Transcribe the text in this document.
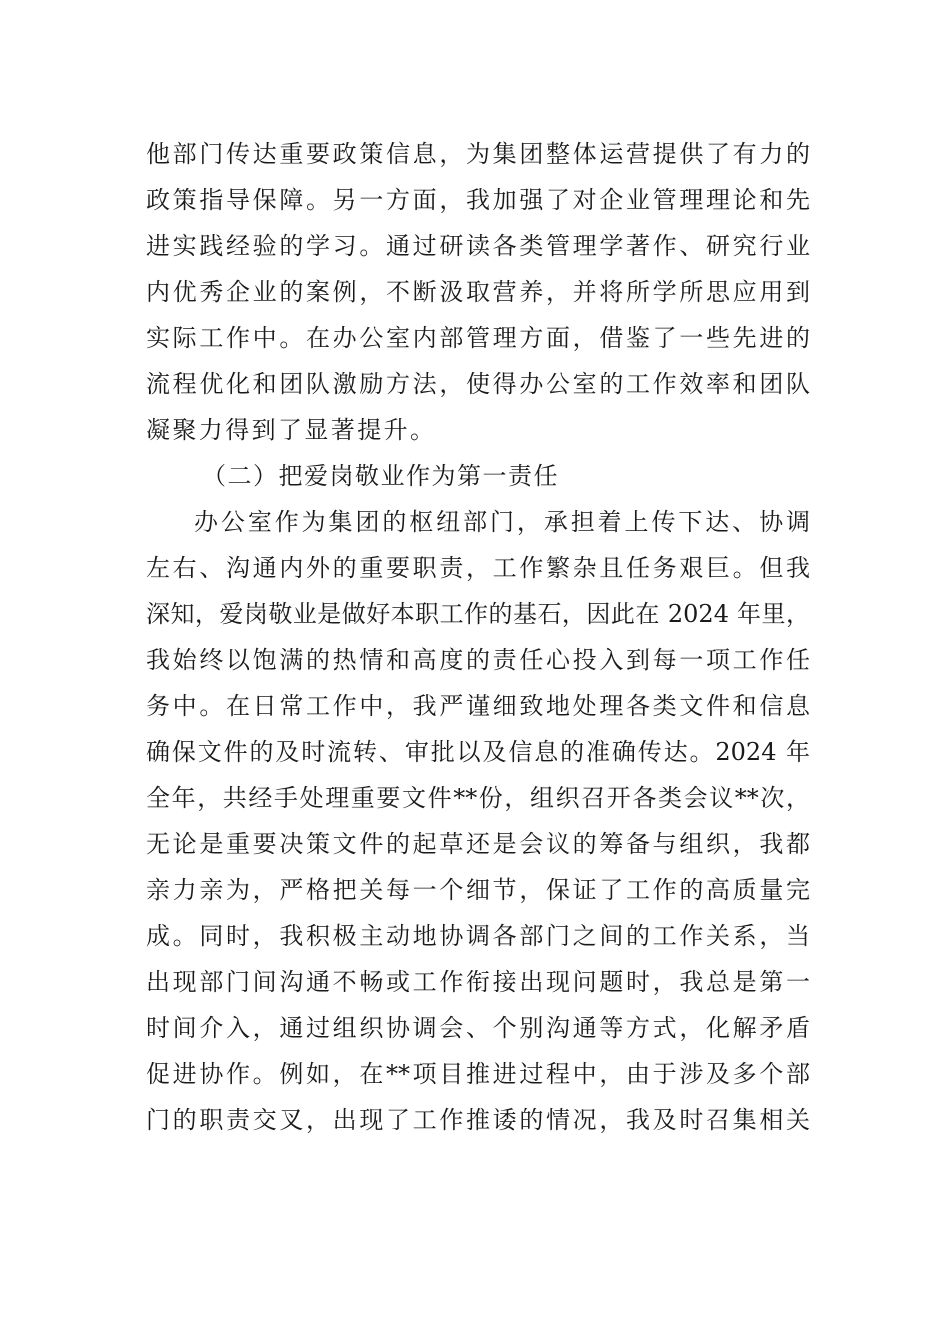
他部门传达重要政策信息，为集团整体运营提供了有力的
政策指导保障。另一方面，我加强了对企业管理理论和先
进实践经验的学习。通过研读各类管理学著作、研究行业
内优秀企业的案例，不断汲取营养，并将所学所思应用到
实际工作中。在办公室内部管理方面，借鉴了一些先进的
流程优化和团队激励方法，使得办公室的工作效率和团队
凝聚力得到了显著提升。
（二）把爱岗敬业作为第一责任
办公室作为集团的枢纽部门，承担着上传下达、协调
左右、沟通内外的重要职责，工作繁杂且任务艰巨。但我
深知，爱岗敬业是做好本职工作的基石，因此在 2024 年里，
我始终以饱满的热情和高度的责任心投入到每一项工作任
务中。在日常工作中，我严谨细致地处理各类文件和信息
确保文件的及时流转、审批以及信息的准确传达。2024 年
全年，共经手处理重要文件**份，组织召开各类会议**次，
无论是重要决策文件的起草还是会议的筹备与组织，我都
亲力亲为，严格把关每一个细节，保证了工作的高质量完
成。同时，我积极主动地协调各部门之间的工作关系，当
出现部门间沟通不畅或工作衔接出现问题时，我总是第一
时间介入，通过组织协调会、个别沟通等方式，化解矛盾
促进协作。例如，在**项目推进过程中，由于涉及多个部
门的职责交叉，出现了工作推诿的情况，我及时召集相关
